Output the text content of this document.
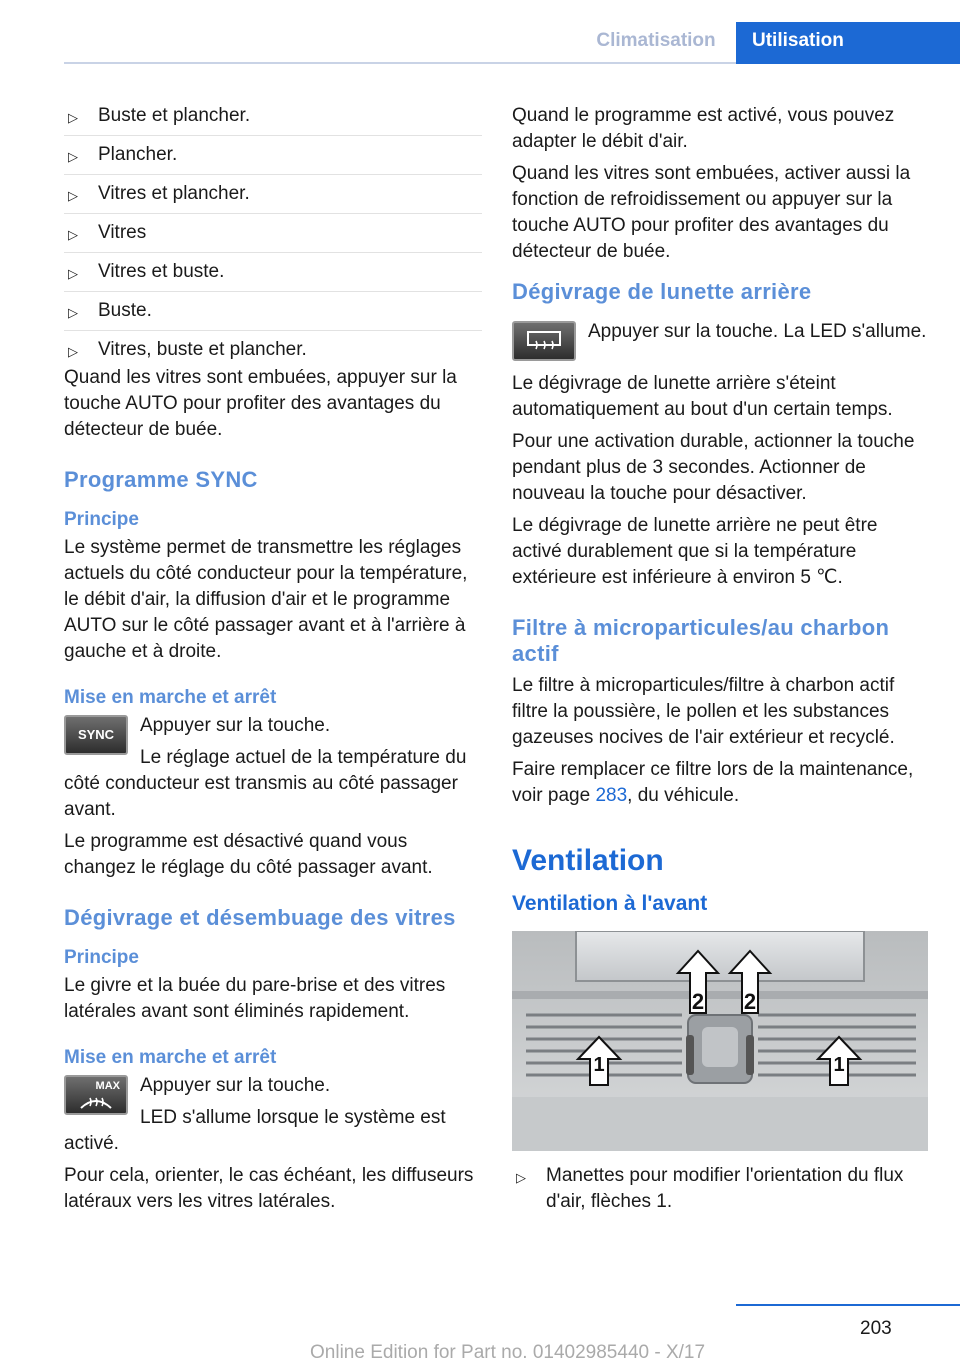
Climatisation	Utilisation
▷ Buste et plancher.
▷ Plancher.
▷ Vitres et plancher.
▷ Vitres
▷ Vitres et buste.
▷ Buste.
▷ Vitres, buste et plancher.

Quand les vitres sont embuées, appuyer sur la touche AUTO pour profiter des avantages du détecteur de buée.

Programme SYNC
Principe

Le système permet de transmettre les réglages actuels du côté conducteur pour la température, le débit d'air, la diffusion d'air et le programme AUTO sur le côté passager avant et à l'arrière à gauche et à droite.

Mise en marche et arrêt
SYNC	Appuyer sur la touche.

Le réglage actuel de la température du côté conducteur est transmis au côté passager avant.

Le programme est désactivé quand vous changez le réglage du côté passager avant.

Dégivrage et désembuage des vitres
Principe

Le givre et la buée du pare-brise et des vitres latérales avant sont éliminés rapidement.

Mise en marche et arrêt
MAX	Appuyer sur la touche.

LED s'allume lorsque le système est activé.

Pour cela, orienter, le cas échéant, les diffuseurs latéraux vers les vitres latérales.

Quand le programme est activé, vous pouvez adapter le débit d'air.

Quand les vitres sont embuées, activer aussi la fonction de refroidissement ou appuyer sur la touche AUTO pour profiter des avantages du détecteur de buée.

Dégivrage de lunette arrière

Appuyer sur la touche. La LED s'allume.

Le dégivrage de lunette arrière s'éteint automatiquement au bout d'un certain temps.

Pour une activation durable, actionner la touche pendant plus de 3 secondes. Actionner de nouveau la touche pour désactiver.

Le dégivrage de lunette arrière ne peut être activé durablement que si la température extérieure est inférieure à environ 5 ℃.

Filtre à microparticules/au charbon actif

Le filtre à microparticules/filtre à charbon actif filtre la poussière, le pollen et les substances gazeuses nocives de l'air extérieur et recyclé.

Faire remplacer ce filtre lors de la maintenance, voir page 283, du véhicule.

Ventilation
Ventilation à l'avant
2 2
1	1
▷ Manettes pour modifier l'orientation du flux d'air, flèches 1.
203
Online Edition for Part no. 01402985440 - X/17
